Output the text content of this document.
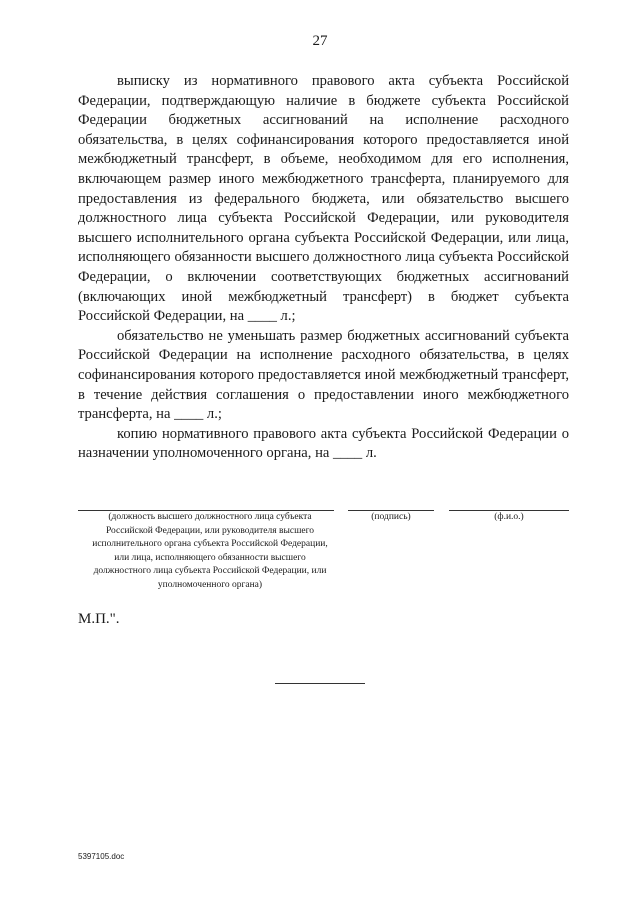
27

выписку из нормативного правового акта субъекта Российской Федерации, подтверждающую наличие в бюджете субъекта Российской Федерации бюджетных ассигнований на исполнение расходного обязательства, в целях софинансирования которого предоставляется иной межбюджетный трансферт, в объеме, необходимом для его исполнения, включающем размер иного межбюджетного трансферта, планируемого для предоставления из федерального бюджета, или обязательство высшего должностного лица субъекта Российской Федерации, или руководителя высшего исполнительного органа субъекта Российской Федерации, или лица, исполняющего обязанности высшего должностного лица субъекта Российской Федерации, о включении соответствующих бюджетных ассигнований (включающих иной межбюджетный трансферт) в бюджет субъекта Российской Федерации, на ____ л.;

обязательство не уменьшать размер бюджетных ассигнований субъекта Российской Федерации на исполнение расходного обязательства, в целях софинансирования которого предоставляется иной межбюджетный трансферт, в течение действия соглашения о предоставлении иного межбюджетного трансферта, на ____ л.;

копию нормативного правового акта субъекта Российской Федерации о назначении уполномоченного органа, на ____ л.

(должность высшего должностного лица субъекта Российской Федерации, или руководителя высшего исполнительного органа субъекта Российской Федерации, или лица, исполняющего обязанности высшего должностного лица субъекта Российской Федерации, или уполномоченного органа)
(подпись)	(ф.и.о.)
М.П.".
5397105.doc
